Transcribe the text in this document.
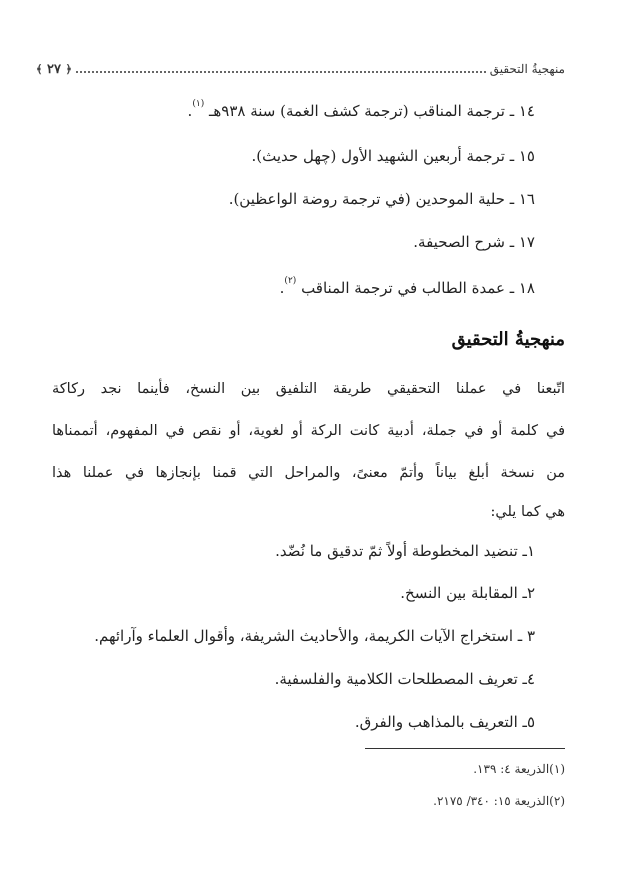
منهجيةُ التحقيق
﴿ ٢٧ ﴾
١٤ ـ ترجمة المناقب (ترجمة كشف الغمة) سنة ٩٣٨هـ $^{(١)}$.
١٥ ـ ترجمة أربعين الشهيد الأول (چهل حديث).
١٦ ـ حلية الموحدين (في ترجمة روضة الواعظين).
١٧ ـ شرح الصحيفة.
١٨ ـ عمدة الطالب في ترجمة المناقب $^{(٢)}$.
منهجيةُ التحقيق
اتّبعنا في عملنا التحقيقي طريقة التلفيق بين النسخ، فأينما نجد ركاكة
في كلمة أو في جملة، أدبية كانت الركة أو لغوية، أو نقص في المفهوم، أتممناها
من نسخة أبلغ بياناً وأتمّ معنىً، والمراحل التي قمنا بإنجازها في عملنا هذا
هي كما يلي:
١ـ تنضيد المخطوطة أولاً ثمّ تدقيق ما نُضّد.
٢ـ المقابلة بين النسخ.
٣ ـ استخراج الآيات الكريمة، والأحاديث الشريفة، وأقوال العلماء وآرائهم.
٤ـ تعريف المصطلحات الكلامية والفلسفية.
٥ـ التعريف بالمذاهب والفرق.
(١)الذريعة ٤: ١٣٩.
(٢)الذريعة ١٥: ٣٤٠/ ٢١٧٥.
